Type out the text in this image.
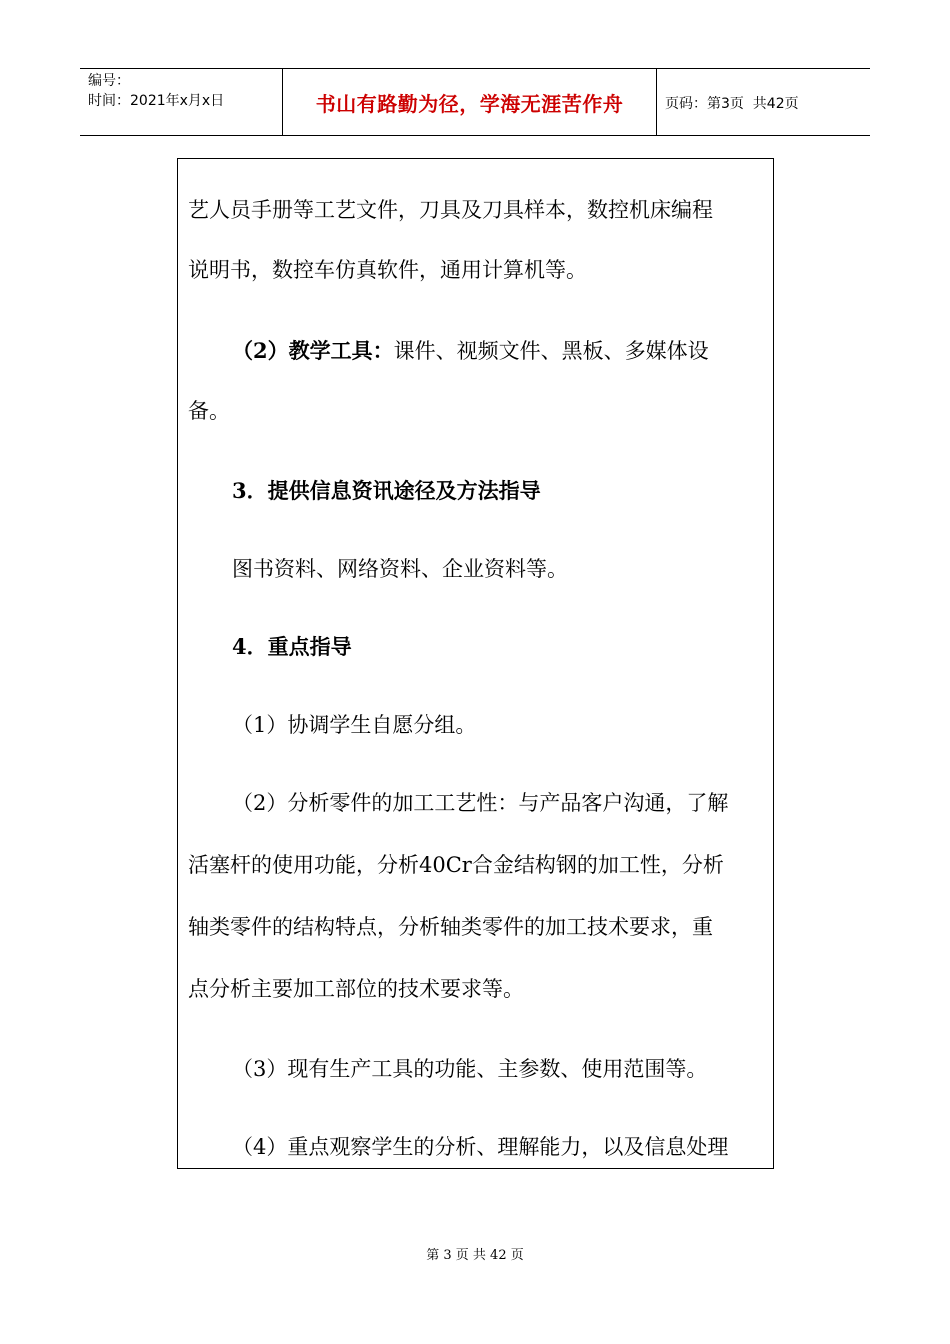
编号：
时间：2021年x月x日	书山有路勤为径，学海无涯苦作舟	页码：第3页  共42页
艺人员手册等工艺文件，刀具及刀具样本，数控机床编程
说明书，数控车仿真软件，通用计算机等。
（2）教学工具：课件、视频文件、黑板、多媒体设
备。
3．提供信息资讯途径及方法指导
图书资料、网络资料、企业资料等。
4．重点指导
（1）协调学生自愿分组。
（2）分析零件的加工工艺性：与产品客户沟通，了解
活塞杆的使用功能，分析40Cr合金结构钢的加工性，分析
轴类零件的结构特点，分析轴类零件的加工技术要求，重
点分析主要加工部位的技术要求等。
（3）现有生产工具的功能、主参数、使用范围等。
（4）重点观察学生的分析、理解能力，以及信息处理
第 3 页 共 42 页
